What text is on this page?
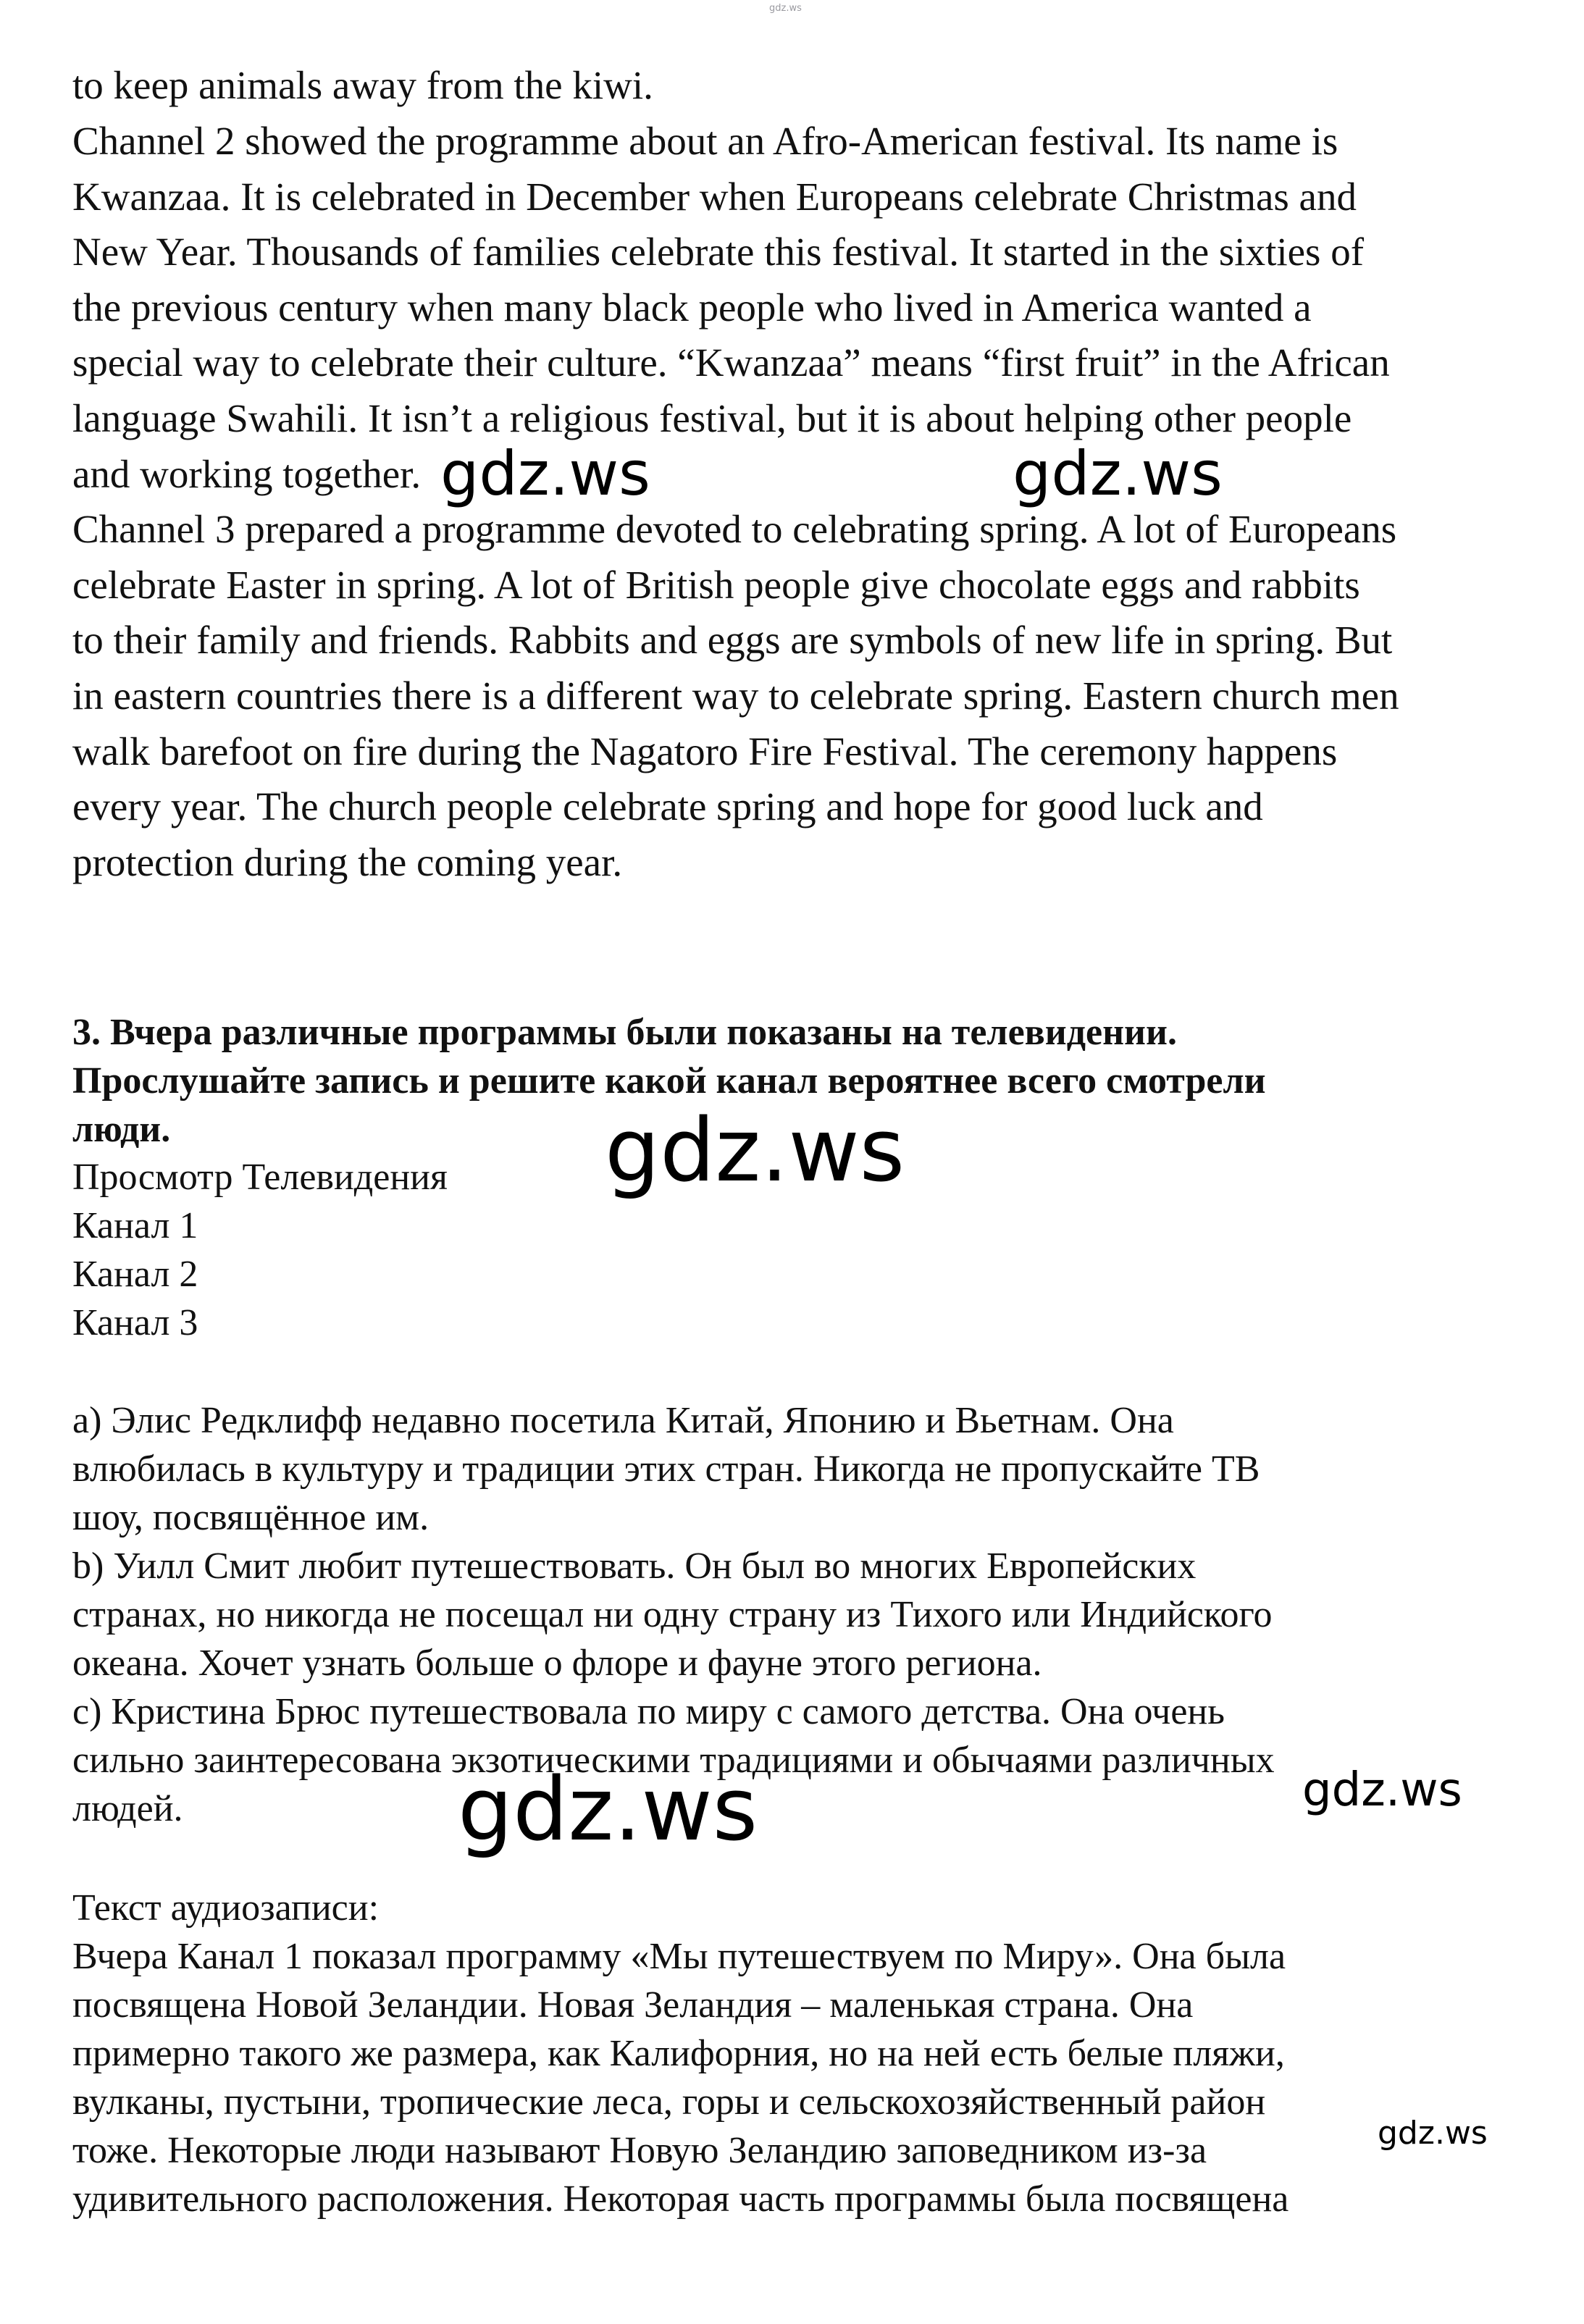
gdz.ws
to keep animals away from the kiwi.
Channel 2 showed the programme about an Afro-American festival. Its name is
Kwanzaa. It is celebrated in December when Europeans celebrate Christmas and
New Year. Thousands of families celebrate this festival. It started in the sixties of
the previous century when many black people who lived in America wanted a
special way to celebrate their culture. “Kwanzaa” means “first fruit” in the African
language Swahili. It isn’t a religious festival, but it is about helping other people
and working together.
Channel 3 prepared a programme devoted to celebrating spring. A lot of Europeans
celebrate Easter in spring. A lot of British people give chocolate eggs and rabbits
to their family and friends. Rabbits and eggs are symbols of new life in spring. But
in eastern countries there is a different way to celebrate spring. Eastern church men
walk barefoot on fire during the Nagatoro Fire Festival. The ceremony happens
every year. The church people celebrate spring and hope for good luck and
protection during the coming year.
3. Вчера различные программы были показаны на телевидении.
Прослушайте запись и решите какой канал вероятнее всего смотрели
люди.
Просмотр Телевидения
Канал 1
Канал 2
Канал 3
a) Элис Редклифф недавно посетила Китай, Японию и Вьетнам. Она
влюбилась в культуру и традиции этих стран. Никогда не пропускайте ТВ
шоу, посвящённое им.
b) Уилл Смит любит путешествовать. Он был во многих Европейских
странах, но никогда не посещал ни одну страну из Тихого или Индийского
океана. Хочет узнать больше о флоре и фауне этого региона.
c) Кристина Брюс путешествовала по миру с самого детства. Она очень
сильно заинтересована экзотическими традициями и обычаями различных
людей.
Текст аудиозаписи:
Вчера Канал 1 показал программу «Мы путешествуем по Миру». Она была
посвящена Новой Зеландии. Новая Зеландия – маленькая страна. Она
примерно такого же размера, как Калифорния, но на ней есть белые пляжи,
вулканы, пустыни, тропические леса, горы и сельскохозяйственный район
тоже. Некоторые люди называют Новую Зеландию заповедником из-за
удивительного расположения. Некоторая часть программы была посвящена
gdz.ws	gdz.ws
gdz.ws
gdz.ws	gdz.ws
gdz.ws
